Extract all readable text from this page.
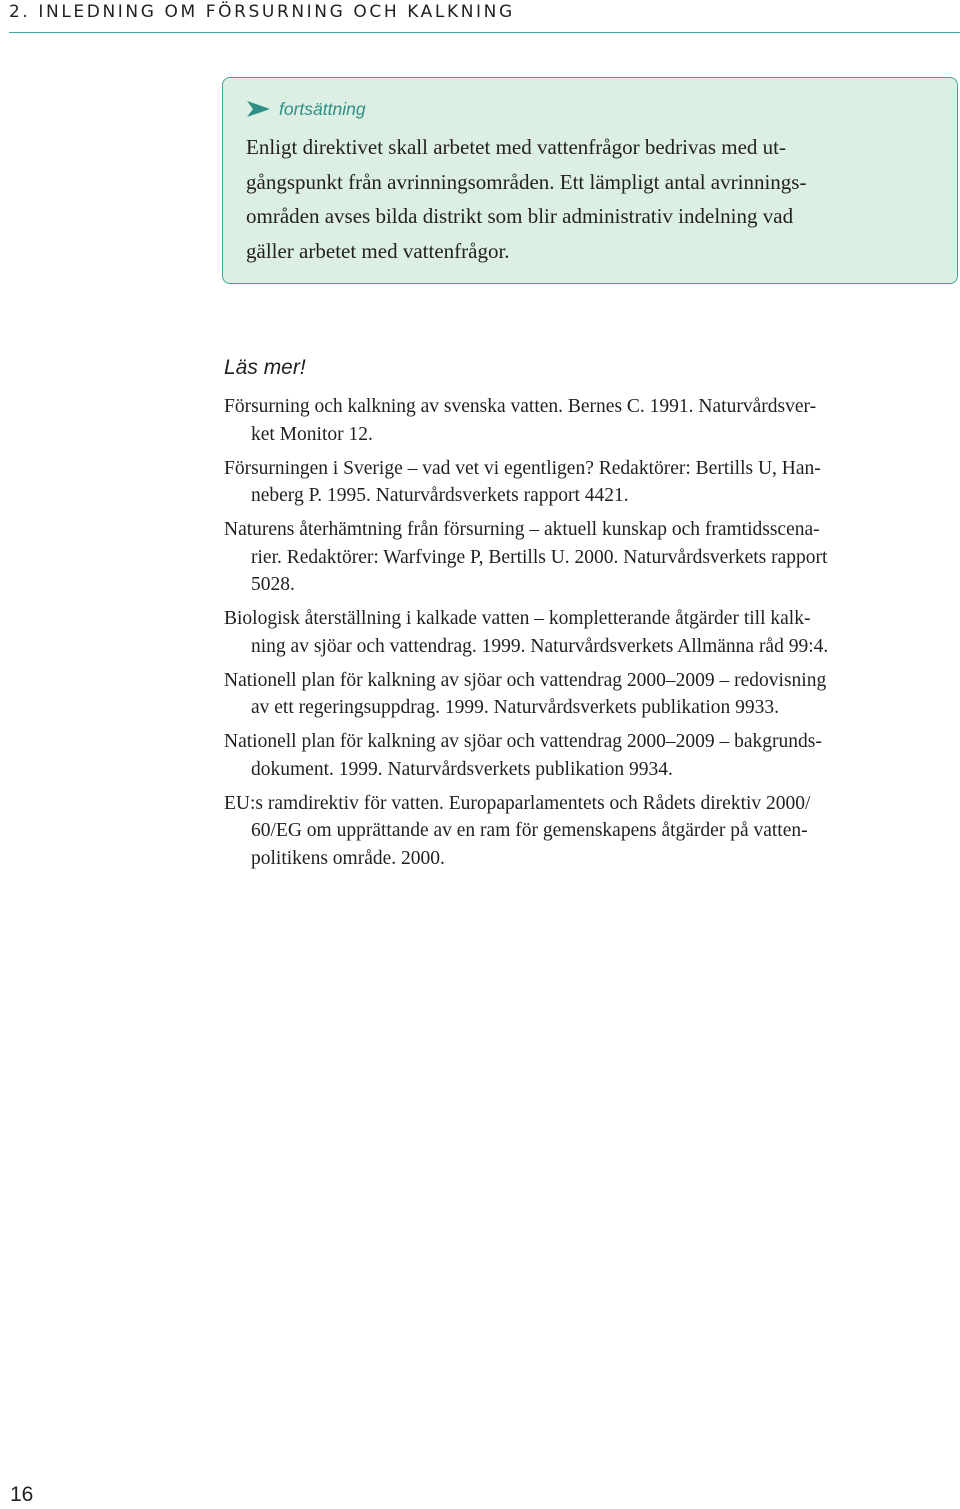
2. INLEDNING OM FÖRSURNING OCH KALKNING
fortsättning
Enligt direktivet skall arbetet med vattenfrågor bedrivas med ut-
gångspunkt från avrinningsområden. Ett lämpligt antal avrinnings-
områden avses bilda distrikt som blir administrativ indelning vad
gäller arbetet med vattenfrågor.
Läs mer!
Försurning och kalkning av svenska vatten. Bernes C. 1991. Naturvårdsver-
ket Monitor 12.
Försurningen i Sverige – vad vet vi egentligen? Redaktörer: Bertills U, Han-
neberg P. 1995. Naturvårdsverkets rapport 4421.
Naturens återhämtning från försurning – aktuell kunskap och framtidsscena-
rier. Redaktörer: Warfvinge P, Bertills U. 2000. Naturvårdsverkets rapport
5028.
Biologisk återställning i kalkade vatten – kompletterande åtgärder till kalk-
ning av sjöar och vattendrag. 1999. Naturvårdsverkets Allmänna råd 99:4.
Nationell plan för kalkning av sjöar och vattendrag 2000–2009 – redovisning
av ett regeringsuppdrag. 1999. Naturvårdsverkets publikation 9933.
Nationell plan för kalkning av sjöar och vattendrag 2000–2009 – bakgrunds-
dokument. 1999. Naturvårdsverkets publikation 9934.
EU:s ramdirektiv för vatten. Europaparlamentets och Rådets direktiv 2000/
60/EG om upprättande av en ram för gemenskapens åtgärder på vatten-
politikens område. 2000.
16
